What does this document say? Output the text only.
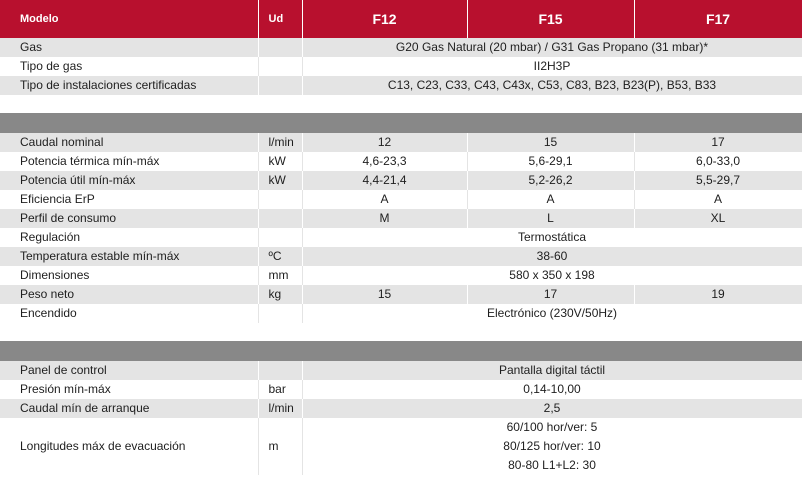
Modelo	Ud	F12	F15	F17
Gas		G20 Gas Natural (20 mbar) / G31 Gas Propano (31 mbar)*		
Tipo de gas		II2H3P		
Tipo de instalaciones certificadas		C13, C23, C33, C43, C43x, C53, C83, B23, B23(P), B53, B33		

Caudal nominal	l/min	12	15	17
Potencia térmica mín-máx	kW	4,6-23,3	5,6-29,1	6,0-33,0
Potencia útil mín-máx	kW	4,4-21,4	5,2-26,2	5,5-29,7
Eficiencia ErP		A	A	A
Perfil de consumo		M	L	XL
Regulación		Termostática		
Temperatura estable mín-máx	ºC	38-60		
Dimensiones	mm	580 x 350 x 198		
Peso neto	kg	15	17	19
Encendido		Electrónico (230V/50Hz)		

Panel de control		Pantalla digital táctil		
Presión mín-máx	bar	0,14-10,00		
Caudal mín de arranque	l/min	2,5		
Longitudes máx de evacuación	m	60/100 hor/ver: 5
80/125 hor/ver: 10
80-80 L1+L2: 30		
